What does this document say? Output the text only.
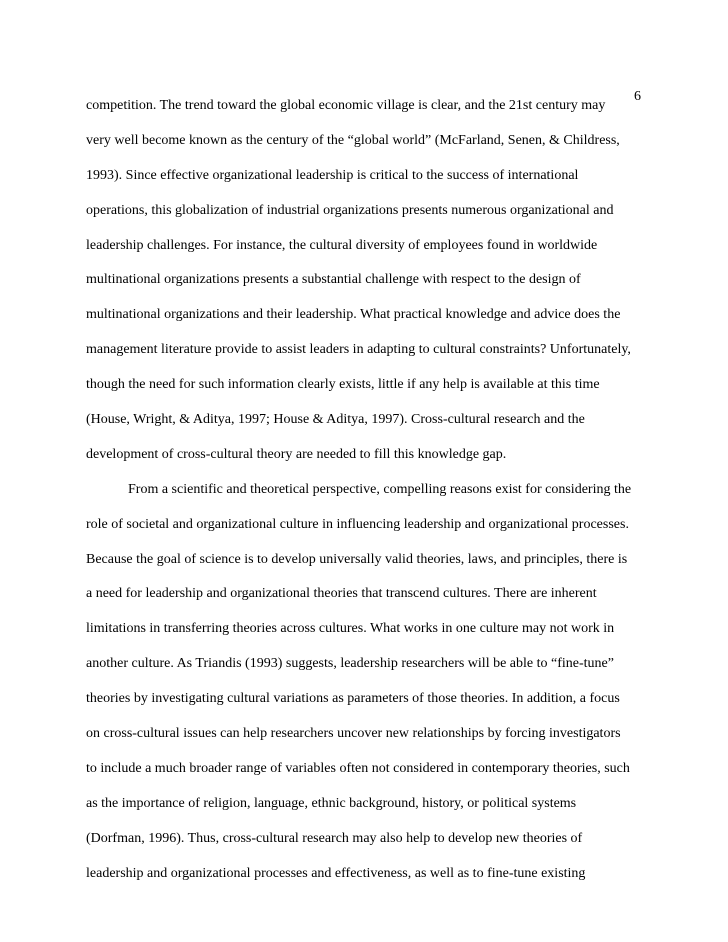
6
competition. The trend toward the global economic village is clear, and the 21st century may
very well become known as the century of the “global world” (McFarland, Senen, & Childress,
1993). Since effective organizational leadership is critical to the success of international
operations, this globalization of industrial organizations presents numerous organizational and
leadership challenges. For instance, the cultural diversity of employees found in worldwide
multinational organizations presents a substantial challenge with respect to the design of
multinational organizations and their leadership. What practical knowledge and advice does the
management literature provide to assist leaders in adapting to cultural constraints? Unfortunately,
though the need for such information clearly exists, little if any help is available at this time
(House, Wright, & Aditya, 1997; House & Aditya, 1997). Cross-cultural research and the
development of cross-cultural theory are needed to fill this knowledge gap.
From a scientific and theoretical perspective, compelling reasons exist for considering the
role of societal and organizational culture in influencing leadership and organizational processes.
Because the goal of science is to develop universally valid theories, laws, and principles, there is
a need for leadership and organizational theories that transcend cultures. There are inherent
limitations in transferring theories across cultures. What works in one culture may not work in
another culture. As Triandis (1993) suggests, leadership researchers will be able to “fine-tune”
theories by investigating cultural variations as parameters of those theories. In addition, a focus
on cross-cultural issues can help researchers uncover new relationships by forcing investigators
to include a much broader range of variables often not considered in contemporary theories, such
as the importance of religion, language, ethnic background, history, or political systems
(Dorfman, 1996). Thus, cross-cultural research may also help to develop new theories of
leadership and organizational processes and effectiveness, as well as to fine-tune existing
